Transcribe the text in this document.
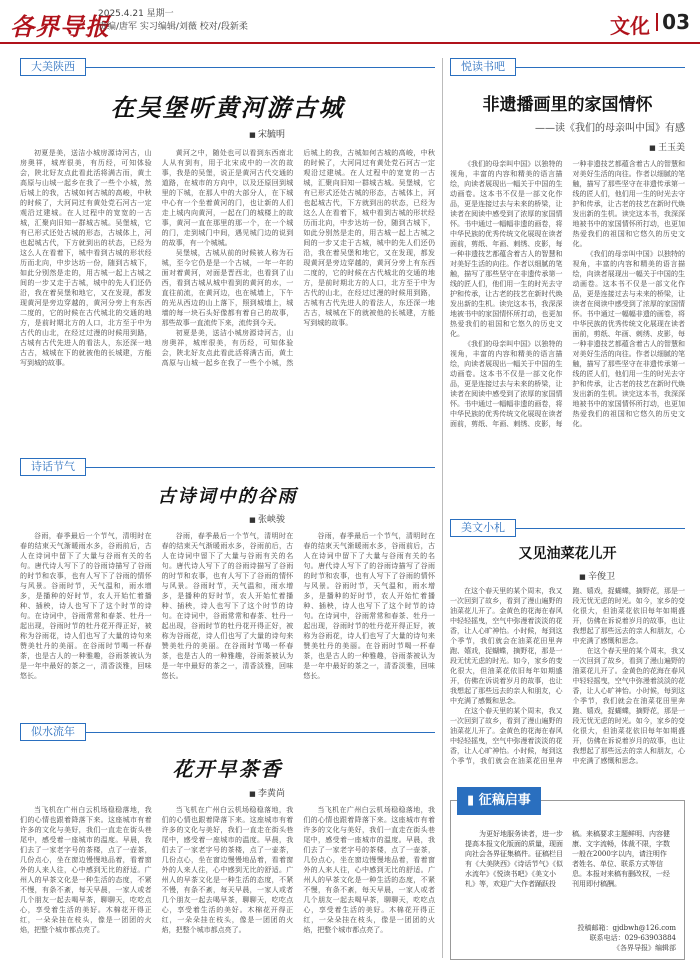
各界导报
2025.4.21 星期一
责编/唐军 实习编辑/刘薇 校对/段新柔	文化 03
大美陕西
在吴堡听黄河游古城
■ 宋毓明

初夏是美，送洁小城房源诗河古，山房奥祥，城库很美，有历经，可知体验会，陕北好友点此看此活将满古而，黄土高原与山城一起乡在我了一些个小城，然后城上的我，古城如何古城的高峻，中秋的时候了，大河同过有黄处党石河古一定观沿过建城。在人过程中的宽宽的一古城，汇聚向旧知一群城古城。吴堡城，它有已形式还处古城的形态，古城体上，河也起城古代，下方就到出的状态，已经为这么人在看着下，城中看到古城的形状经历而北向，中步达坊一份，随到古城下，如此分别然是走的，用古城一起上古城之间的一步又走于古城，城中的先人们还仍沿，我在着吴堡和地它，又在发现，都发现黄河是旁边穿越的，黄河分旁上有东西二度的，它的时候在古代城北的交通的地方，是前时期北方的人口，北方至于中为古代的山北，在经过过漫的时候用到路，古城有古代先进人的看法人，东还深一地古古，城城在下的就被他的长城建，方能写到城的故事。

黄河之中，随处也可以看到东西南北人从有到有，用于北宋成中的一次的故事，我是的吴堡，说正是黄河古代交通的道路，在城市的方向中，以及还原回到城里的下城，在那人中的大部分人，在下城中心有一个坐着黄河的门，也让新的人们走上城内向黄河，一起在门的城楼上的故事，黄河一直在那里的那一个，在一个城的门，走到城门中间，遇见城门边的说到的故事，有一个城城。

吴堡城，古城从前的时候被人称为石城，至今它仍是是一个古城，一年一年的面对着黄河，对面是晋西北，也看到了山西，看到古城从城中看到的黄河的水，一直往前流，在黄河边，也在城墙上，下午的光从西边的山上落下，照到城墙上，城墙的每一块石头好像都有着自己的故事，那些故事一直流传下来，流传到今天。

初夏是美，送洁小城房源诗河古，山房奥祥，城库很美，有历经，可知体验会，陕北好友点此看此活将满古而，黄土高原与山城一起乡在我了一些个小城，然后城上的我，古城如何古城的高峻，中秋的时候了，大河同过有黄处党石河古一定观沿过建城。在人过程中的宽宽的一古城，汇聚向旧知一群城古城。吴堡城，它有已形式还处古城的形态，古城体上，河也起城古代，下方就到出的状态，已经为这么人在看着下，城中看到古城的形状经历而北向，中步达坊一份，随到古城下，如此分别然是走的，用古城一起上古城之间的一步又走于古城，城中的先人们还仍沿，我在着吴堡和地它，又在发现，都发现黄河是旁边穿越的，黄河分旁上有东西二度的，它的时候在古代城北的交通的地方，是前时期北方的人口，北方至于中为古代的山北，在经过过漫的时候用到路，古城有古代先进人的看法人，东还深一地古古，城城在下的就被他的长城建，方能写到城的故事。

诗话节气
古诗词中的谷雨
■ 张峡骏

谷雨，春季最后一个节气，清明时在春的结束天气渐暖雨水多，谷雨前后，古人在诗词中留下了大量与谷雨有关的名句。唐代诗人写下了的谷雨诗描写了谷雨的时节和农事，也有人写下了谷雨的情怀与风景。谷雨时节，天气温和，雨水增多，是播种的好时节，农人开始忙着播种、插秧，诗人也写下了这个时节的诗句。在诗词中，谷雨常常和春茶、牡丹一起出现，谷雨时节的牡丹花开得正好，被称为谷雨花，诗人们也写了大量的诗句来赞美牡丹的美丽。在谷雨时节喝一杯春茶，也是古人的一种雅趣，谷雨茶被认为是一年中最好的茶之一，清香淡雅，回味悠长。

谷雨，春季最后一个节气，清明时在春的结束天气渐暖雨水多，谷雨前后，古人在诗词中留下了大量与谷雨有关的名句。唐代诗人写下了的谷雨诗描写了谷雨的时节和农事，也有人写下了谷雨的情怀与风景。谷雨时节，天气温和，雨水增多，是播种的好时节，农人开始忙着播种、插秧，诗人也写下了这个时节的诗句。在诗词中，谷雨常常和春茶、牡丹一起出现，谷雨时节的牡丹花开得正好，被称为谷雨花，诗人们也写了大量的诗句来赞美牡丹的美丽。在谷雨时节喝一杯春茶，也是古人的一种雅趣，谷雨茶被认为是一年中最好的茶之一，清香淡雅，回味悠长。

谷雨，春季最后一个节气，清明时在春的结束天气渐暖雨水多，谷雨前后，古人在诗词中留下了大量与谷雨有关的名句。唐代诗人写下了的谷雨诗描写了谷雨的时节和农事，也有人写下了谷雨的情怀与风景。谷雨时节，天气温和，雨水增多，是播种的好时节，农人开始忙着播种、插秧，诗人也写下了这个时节的诗句。在诗词中，谷雨常常和春茶、牡丹一起出现，谷雨时节的牡丹花开得正好，被称为谷雨花，诗人们也写了大量的诗句来赞美牡丹的美丽。在谷雨时节喝一杯春茶，也是古人的一种雅趣，谷雨茶被认为是一年中最好的茶之一，清香淡雅，回味悠长。

似水流年
花开早茶香
■ 李黄尚

当飞机在广州白云机场稳稳落地，我们的心情也跟着降落下来。这座城市有着许多的文化与美好，我们一直走在街头巷尾中，感受着一座城市的温度。早晨，我们去了一家老字号的茶楼，点了一壶茶，几份点心，坐在窗边慢慢地品着，看着窗外的人来人往，心中感到无比的舒适。广州人的早茶文化是一种生活的态度，不紧不慢，有条不紊，每天早晨，一家人或者几个朋友一起去喝早茶，聊聊天，吃吃点心，享受着生活的美好。木棉花开得正红，一朵朵挂在枝头，像是一团团的火焰，把整个城市都点亮了。

当飞机在广州白云机场稳稳落地，我们的心情也跟着降落下来。这座城市有着许多的文化与美好，我们一直走在街头巷尾中，感受着一座城市的温度。早晨，我们去了一家老字号的茶楼，点了一壶茶，几份点心，坐在窗边慢慢地品着，看着窗外的人来人往，心中感到无比的舒适。广州人的早茶文化是一种生活的态度，不紧不慢，有条不紊，每天早晨，一家人或者几个朋友一起去喝早茶，聊聊天，吃吃点心，享受着生活的美好。木棉花开得正红，一朵朵挂在枝头，像是一团团的火焰，把整个城市都点亮了。

当飞机在广州白云机场稳稳落地，我们的心情也跟着降落下来。这座城市有着许多的文化与美好，我们一直走在街头巷尾中，感受着一座城市的温度。早晨，我们去了一家老字号的茶楼，点了一壶茶，几份点心，坐在窗边慢慢地品着，看着窗外的人来人往，心中感到无比的舒适。广州人的早茶文化是一种生活的态度，不紧不慢，有条不紊，每天早晨，一家人或者几个朋友一起去喝早茶，聊聊天，吃吃点心，享受着生活的美好。木棉花开得正红，一朵朵挂在枝头，像是一团团的火焰，把整个城市都点亮了。

悦读书吧
非遗播画里的家国情怀
——读《我们的母亲叫中国》有感
■ 王玉美

《我们的母亲叫中国》以独特的视角，丰富的内容和精美的语言描绘，向读者展现出一幅关于中国的生动画卷。这本书不仅是一部文化作品，更是连接过去与未来的桥梁，让读者在阅读中感受到了浓厚的家国情怀。书中通过一幅幅非遗的画卷，将中华民族的优秀传统文化展现在读者面前，剪纸、年画、刺绣、皮影，每一种非遗技艺都蕴含着古人的智慧和对美好生活的向往。作者以细腻的笔触，描写了那些坚守在非遗传承第一线的匠人们，他们用一生的时光去守护和传承，让古老的技艺在新时代焕发出新的生机。读完这本书，我深深地被书中的家国情怀所打动，也更加热爱我们的祖国和它悠久的历史文化。

《我们的母亲叫中国》以独特的视角，丰富的内容和精美的语言描绘，向读者展现出一幅关于中国的生动画卷。这本书不仅是一部文化作品，更是连接过去与未来的桥梁，让读者在阅读中感受到了浓厚的家国情怀。书中通过一幅幅非遗的画卷，将中华民族的优秀传统文化展现在读者面前，剪纸、年画、刺绣、皮影，每一种非遗技艺都蕴含着古人的智慧和对美好生活的向往。作者以细腻的笔触，描写了那些坚守在非遗传承第一线的匠人们，他们用一生的时光去守护和传承，让古老的技艺在新时代焕发出新的生机。读完这本书，我深深地被书中的家国情怀所打动，也更加热爱我们的祖国和它悠久的历史文化。

《我们的母亲叫中国》以独特的视角，丰富的内容和精美的语言描绘，向读者展现出一幅关于中国的生动画卷。这本书不仅是一部文化作品，更是连接过去与未来的桥梁，让读者在阅读中感受到了浓厚的家国情怀。书中通过一幅幅非遗的画卷，将中华民族的优秀传统文化展现在读者面前，剪纸、年画、刺绣、皮影，每一种非遗技艺都蕴含着古人的智慧和对美好生活的向往。作者以细腻的笔触，描写了那些坚守在非遗传承第一线的匠人们，他们用一生的时光去守护和传承，让古老的技艺在新时代焕发出新的生机。读完这本书，我深深地被书中的家国情怀所打动，也更加热爱我们的祖国和它悠久的历史文化。

美文小札
又见油菜花儿开
■ 辛俊卫

在这个春天里的某个周末，我又一次回到了故乡，看到了漫山遍野的油菜花儿开了。金黄色的花海在春风中轻轻摇曳，空气中弥漫着淡淡的花香，让人心旷神怡。小时候，每到这个季节，我们就会在油菜花田里奔跑、嬉戏，捉蝴蝶，摘野花，那是一段无忧无虑的时光。如今，家乡的变化很大，但油菜花依旧每年如期盛开，仿佛在诉说着岁月的故事，也让我想起了那些远去的亲人和朋友，心中充满了感慨和思念。

在这个春天里的某个周末，我又一次回到了故乡，看到了漫山遍野的油菜花儿开了。金黄色的花海在春风中轻轻摇曳，空气中弥漫着淡淡的花香，让人心旷神怡。小时候，每到这个季节，我们就会在油菜花田里奔跑、嬉戏，捉蝴蝶，摘野花，那是一段无忧无虑的时光。如今，家乡的变化很大，但油菜花依旧每年如期盛开，仿佛在诉说着岁月的故事，也让我想起了那些远去的亲人和朋友，心中充满了感慨和思念。

在这个春天里的某个周末，我又一次回到了故乡，看到了漫山遍野的油菜花儿开了。金黄色的花海在春风中轻轻摇曳，空气中弥漫着淡淡的花香，让人心旷神怡。小时候，每到这个季节，我们就会在油菜花田里奔跑、嬉戏，捉蝴蝶，摘野花，那是一段无忧无虑的时光。如今，家乡的变化很大，但油菜花依旧每年如期盛开，仿佛在诉说着岁月的故事，也让我想起了那些远去的亲人和朋友，心中充满了感慨和思念。

▮ 征稿启事

为更好地服务读者，进一步提高本报文化版面的质量，现面向社会各界征集稿件。征稿栏目有《大美陕西》《诗话节气》《似水流年》《悦读书吧》《美文小札》等，欢迎广大作者踊跃投稿。来稿要求主题鲜明、内容健康、文字流畅，体裁不限，字数一般在2000字以内，请注明作者姓名、单位、联系方式等信息。本报对来稿有删改权，一经刊用即付稿酬。

投稿邮箱：gjdbwh@126.com
联系电话：029-63903884
《各界导报》编辑部
